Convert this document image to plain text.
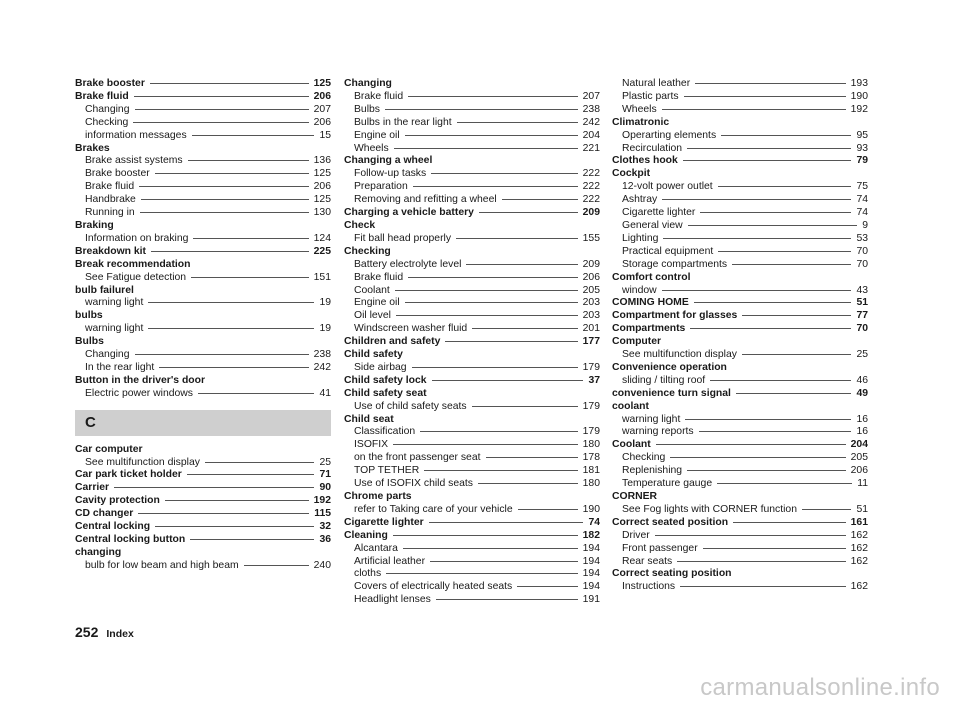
Brake booster	125
Brake fluid	206
Changing	207
Checking	206
information messages	15
Brakes
Brake assist systems	136
Brake booster	125
Brake fluid	206
Handbrake	125
Running in	130
Braking
Information on braking	124
Breakdown kit	225
Break recommendation
See Fatigue detection	151
bulb failurel
warning light	19
bulbs
warning light	19
Bulbs
Changing	238
In the rear light	242
Button in the driver's door
Electric power windows	41
C
Car computer
See multifunction display	25
Car park ticket holder	71
Carrier	90
Cavity protection	192
CD changer	115
Central locking	32
Central locking button	36
changing
bulb for low beam and high beam	240
Changing
Brake fluid	207
Bulbs	238
Bulbs in the rear light	242
Engine oil	204
Wheels	221
Changing a wheel
Follow-up tasks	222
Preparation	222
Removing and refitting a wheel	222
Charging a vehicle battery	209
Check
Fit ball head properly	155
Checking
Battery electrolyte level	209
Brake fluid	206
Coolant	205
Engine oil	203
Oil level	203
Windscreen washer fluid	201
Children and safety	177
Child safety
Side airbag	179
Child safety lock	37
Child safety seat
Use of child safety seats	179
Child seat
Classification	179
ISOFIX	180
on the front passenger seat	178
TOP TETHER	181
Use of ISOFIX child seats	180
Chrome parts
refer to Taking care of your vehicle	190
Cigarette lighter	74
Cleaning	182
Alcantara	194
Artificial leather	194
cloths	194
Covers of electrically heated seats	194
Headlight lenses	191
Natural leather	193
Plastic parts	190
Wheels	192
Climatronic
Operarting elements	95
Recirculation	93
Clothes hook	79
Cockpit
12-volt power outlet	75
Ashtray	74
Cigarette lighter	74
General view	9
Lighting	53
Practical equipment	70
Storage compartments	70
Comfort control
window	43
COMING HOME	51
Compartment for glasses	77
Compartments	70
Computer
See multifunction display	25
Convenience operation
sliding / tilting roof	46
convenience turn signal	49
coolant
warning light	16
warning reports	16
Coolant	204
Checking	205
Replenishing	206
Temperature gauge	11
CORNER
See Fog lights with CORNER function	51
Correct seated position	161
Driver	162
Front passenger	162
Rear seats	162
Correct seating position
Instructions	162
252 Index
carmanualsonline.info
